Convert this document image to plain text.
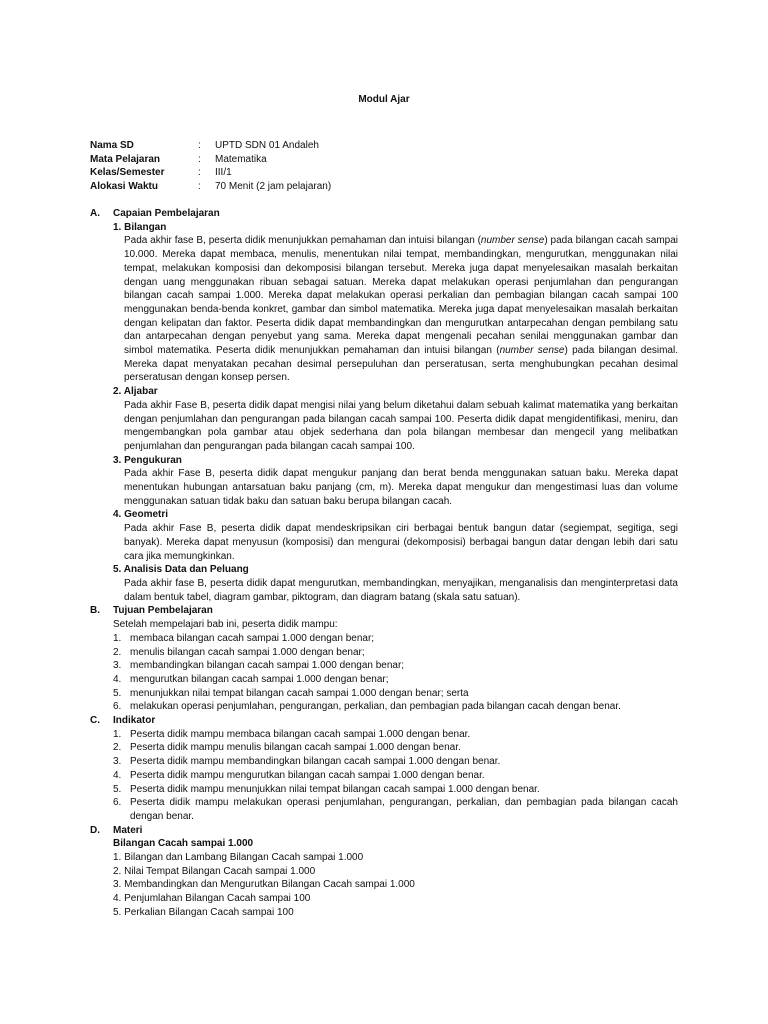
Modul Ajar
Nama SD	:	UPTD SDN 01 Andaleh
Mata Pelajaran	:	Matematika
Kelas/Semester	:	III/1
Alokasi Waktu	:	70 Menit (2 jam pelajaran)
A.	Capaian Pembelajaran
1. Bilangan
Pada akhir fase B, peserta didik menunjukkan pemahaman dan intuisi bilangan (number sense) pada bilangan cacah sampai 10.000. Mereka dapat membaca, menulis, menentukan nilai tempat, membandingkan, mengurutkan, menggunakan nilai tempat, melakukan komposisi dan dekomposisi bilangan tersebut. Mereka juga dapat menyelesaikan masalah berkaitan dengan uang menggunakan ribuan sebagai satuan. Mereka dapat melakukan operasi penjumlahan dan pengurangan bilangan cacah sampai 1.000. Mereka dapat melakukan operasi perkalian dan pembagian bilangan cacah sampai 100 menggunakan benda-benda konkret, gambar dan simbol matematika. Mereka juga dapat menyelesaikan masalah berkaitan dengan kelipatan dan faktor. Peserta didik dapat membandingkan dan mengurutkan antarpecahan dengan pembilang satu dan antarpecahan dengan penyebut yang sama. Mereka dapat mengenali pecahan senilai menggunakan gambar dan simbol matematika. Peserta didik menunjukkan pemahaman dan intuisi bilangan (number sense) pada bilangan desimal. Mereka dapat menyatakan pecahan desimal persepuluhan dan perseratusan, serta menghubungkan pecahan desimal perseratusan dengan konsep persen.
2. Aljabar
Pada akhir Fase B, peserta didik dapat mengisi nilai yang belum diketahui dalam sebuah kalimat matematika yang berkaitan dengan penjumlahan dan pengurangan pada bilangan cacah sampai 100. Peserta didik dapat mengidentifikasi, meniru, dan mengembangkan pola gambar atau objek sederhana dan pola bilangan membesar dan mengecil yang melibatkan penjumlahan dan pengurangan pada bilangan cacah sampai 100.
3. Pengukuran
Pada akhir Fase B, peserta didik dapat mengukur panjang dan berat benda menggunakan satuan baku. Mereka dapat menentukan hubungan antarsatuan baku panjang (cm, m). Mereka dapat mengukur dan mengestimasi luas dan volume menggunakan satuan tidak baku dan satuan baku berupa bilangan cacah.
4. Geometri
Pada akhir Fase B, peserta didik dapat mendeskripsikan ciri berbagai bentuk bangun datar (segiempat, segitiga, segi banyak). Mereka dapat menyusun (komposisi) dan mengurai (dekomposisi) berbagai bangun datar dengan lebih dari satu cara jika memungkinkan.
5. Analisis Data dan Peluang
Pada akhir fase B, peserta didik dapat mengurutkan, membandingkan, menyajikan, menganalisis dan menginterpretasi data dalam bentuk tabel, diagram gambar, piktogram, dan diagram batang (skala satu satuan).
B.	Tujuan Pembelajaran
Setelah mempelajari bab ini, peserta didik mampu:
1. membaca bilangan cacah sampai 1.000 dengan benar;
2. menulis bilangan cacah sampai 1.000 dengan benar;
3. membandingkan bilangan cacah sampai 1.000 dengan benar;
4. mengurutkan bilangan cacah sampai 1.000 dengan benar;
5. menunjukkan nilai tempat bilangan cacah sampai 1.000 dengan benar; serta
6. melakukan operasi penjumlahan, pengurangan, perkalian, dan pembagian pada bilangan cacah dengan benar.
C.	Indikator
1. Peserta didik mampu membaca bilangan cacah sampai 1.000 dengan benar.
2. Peserta didik mampu menulis bilangan cacah sampai 1.000 dengan benar.
3. Peserta didik mampu membandingkan bilangan cacah sampai 1.000 dengan benar.
4. Peserta didik mampu mengurutkan bilangan cacah sampai 1.000 dengan benar.
5. Peserta didik mampu menunjukkan nilai tempat bilangan cacah sampai 1.000 dengan benar.
6. Peserta didik mampu melakukan operasi penjumlahan, pengurangan, perkalian, dan pembagian pada bilangan cacah dengan benar.
D.	Materi
Bilangan Cacah sampai 1.000
1. Bilangan dan Lambang Bilangan Cacah sampai 1.000
2. Nilai Tempat Bilangan Cacah sampai 1.000
3. Membandingkan dan Mengurutkan Bilangan Cacah sampai 1.000
4. Penjumlahan Bilangan Cacah sampai 100
5. Perkalian Bilangan Cacah sampai 100
